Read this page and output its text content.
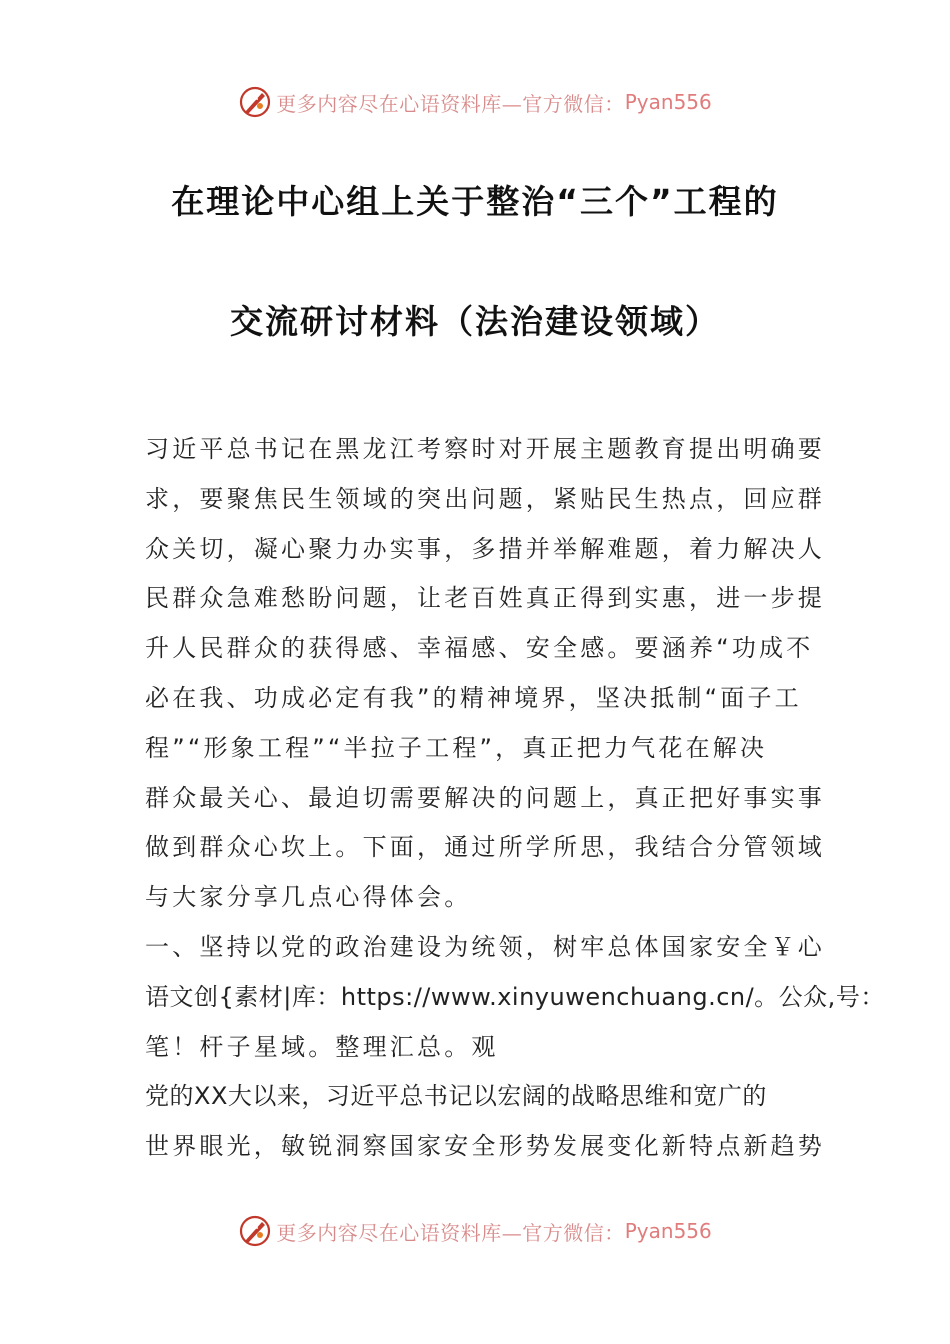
更多内容尽在心语资料库—官方微信： Pyan556
在理论中心组上关于整治“三个”工程的
交流研讨材料（法治建设领域）
习近平总书记在黑龙江考察时对开展主题教育提出明确要
求，要聚焦民生领域的突出问题，紧贴民生热点，回应群
众关切，凝心聚力办实事，多措并举解难题，着力解决人
民群众急难愁盼问题，让老百姓真正得到实惠，进一步提
升人民群众的获得感、幸福感、安全感。要涵养“功成不
必在我、功成必定有我”的精神境界，坚决抵制“面子工
程”“形象工程”“半拉子工程”，真正把力气花在解决
群众最关心、最迫切需要解决的问题上，真正把好事实事
做到群众心坎上。下面，通过所学所思，我结合分管领域
与大家分享几点心得体会。
一、坚持以党的政治建设为统领，树牢总体国家安全￥心
语文创{素材|库：https://www.xinyuwenchuang.cn/。公众,号：
笔！杆子星域。整理汇总。观
党的XX大以来，习近平总书记以宏阔的战略思维和宽广的
世界眼光，敏锐洞察国家安全形势发展变化新特点新趋势
更多内容尽在心语资料库—官方微信： Pyan556
